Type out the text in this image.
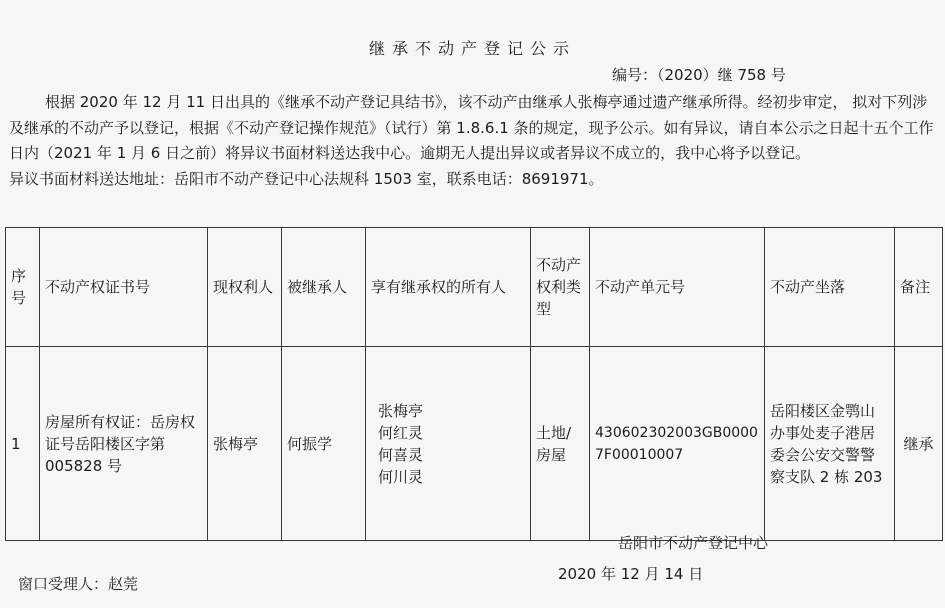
继承不动产登记公示
编号：（2020）继 758 号

根据 2020 年 12 月 11 日出具的《继承不动产登记具结书》，该不动产由继承人张梅亭通过遗产继承所得。经初步审定， 拟对下列涉及继承的不动产予以登记，根据《不动产登记操作规范》（试行）第 1.8.6.1 条的规定，现予公示。如有异议，请自本公示之日起十五个工作日内（2021 年 1 月 6 日之前）将异议书面材料送达我中心。逾期无人提出异议或者异议不成立的，我中心将予以登记。

异议书面材料送达地址：岳阳市不动产登记中心法规科 1503 室，联系电话：8691971。

序号	不动产权证书号	现权利人	被继承人	享有继承权的所有人	不动产权利类型	不动产单元号	不动产坐落	备注
1	房屋所有权证：岳房权证号岳阳楼区字第 005828 号	张梅亭	何振学	张梅亭
何红灵
何喜灵
何川灵	土地/房屋	430602302003GB00007F00010007	岳阳楼区金鹗山办事处麦子港居委会公安交警警察支队 2 栋 203	继承
岳阳市不动产登记中心
2020 年 12 月 14 日
窗口受理人：赵莞
